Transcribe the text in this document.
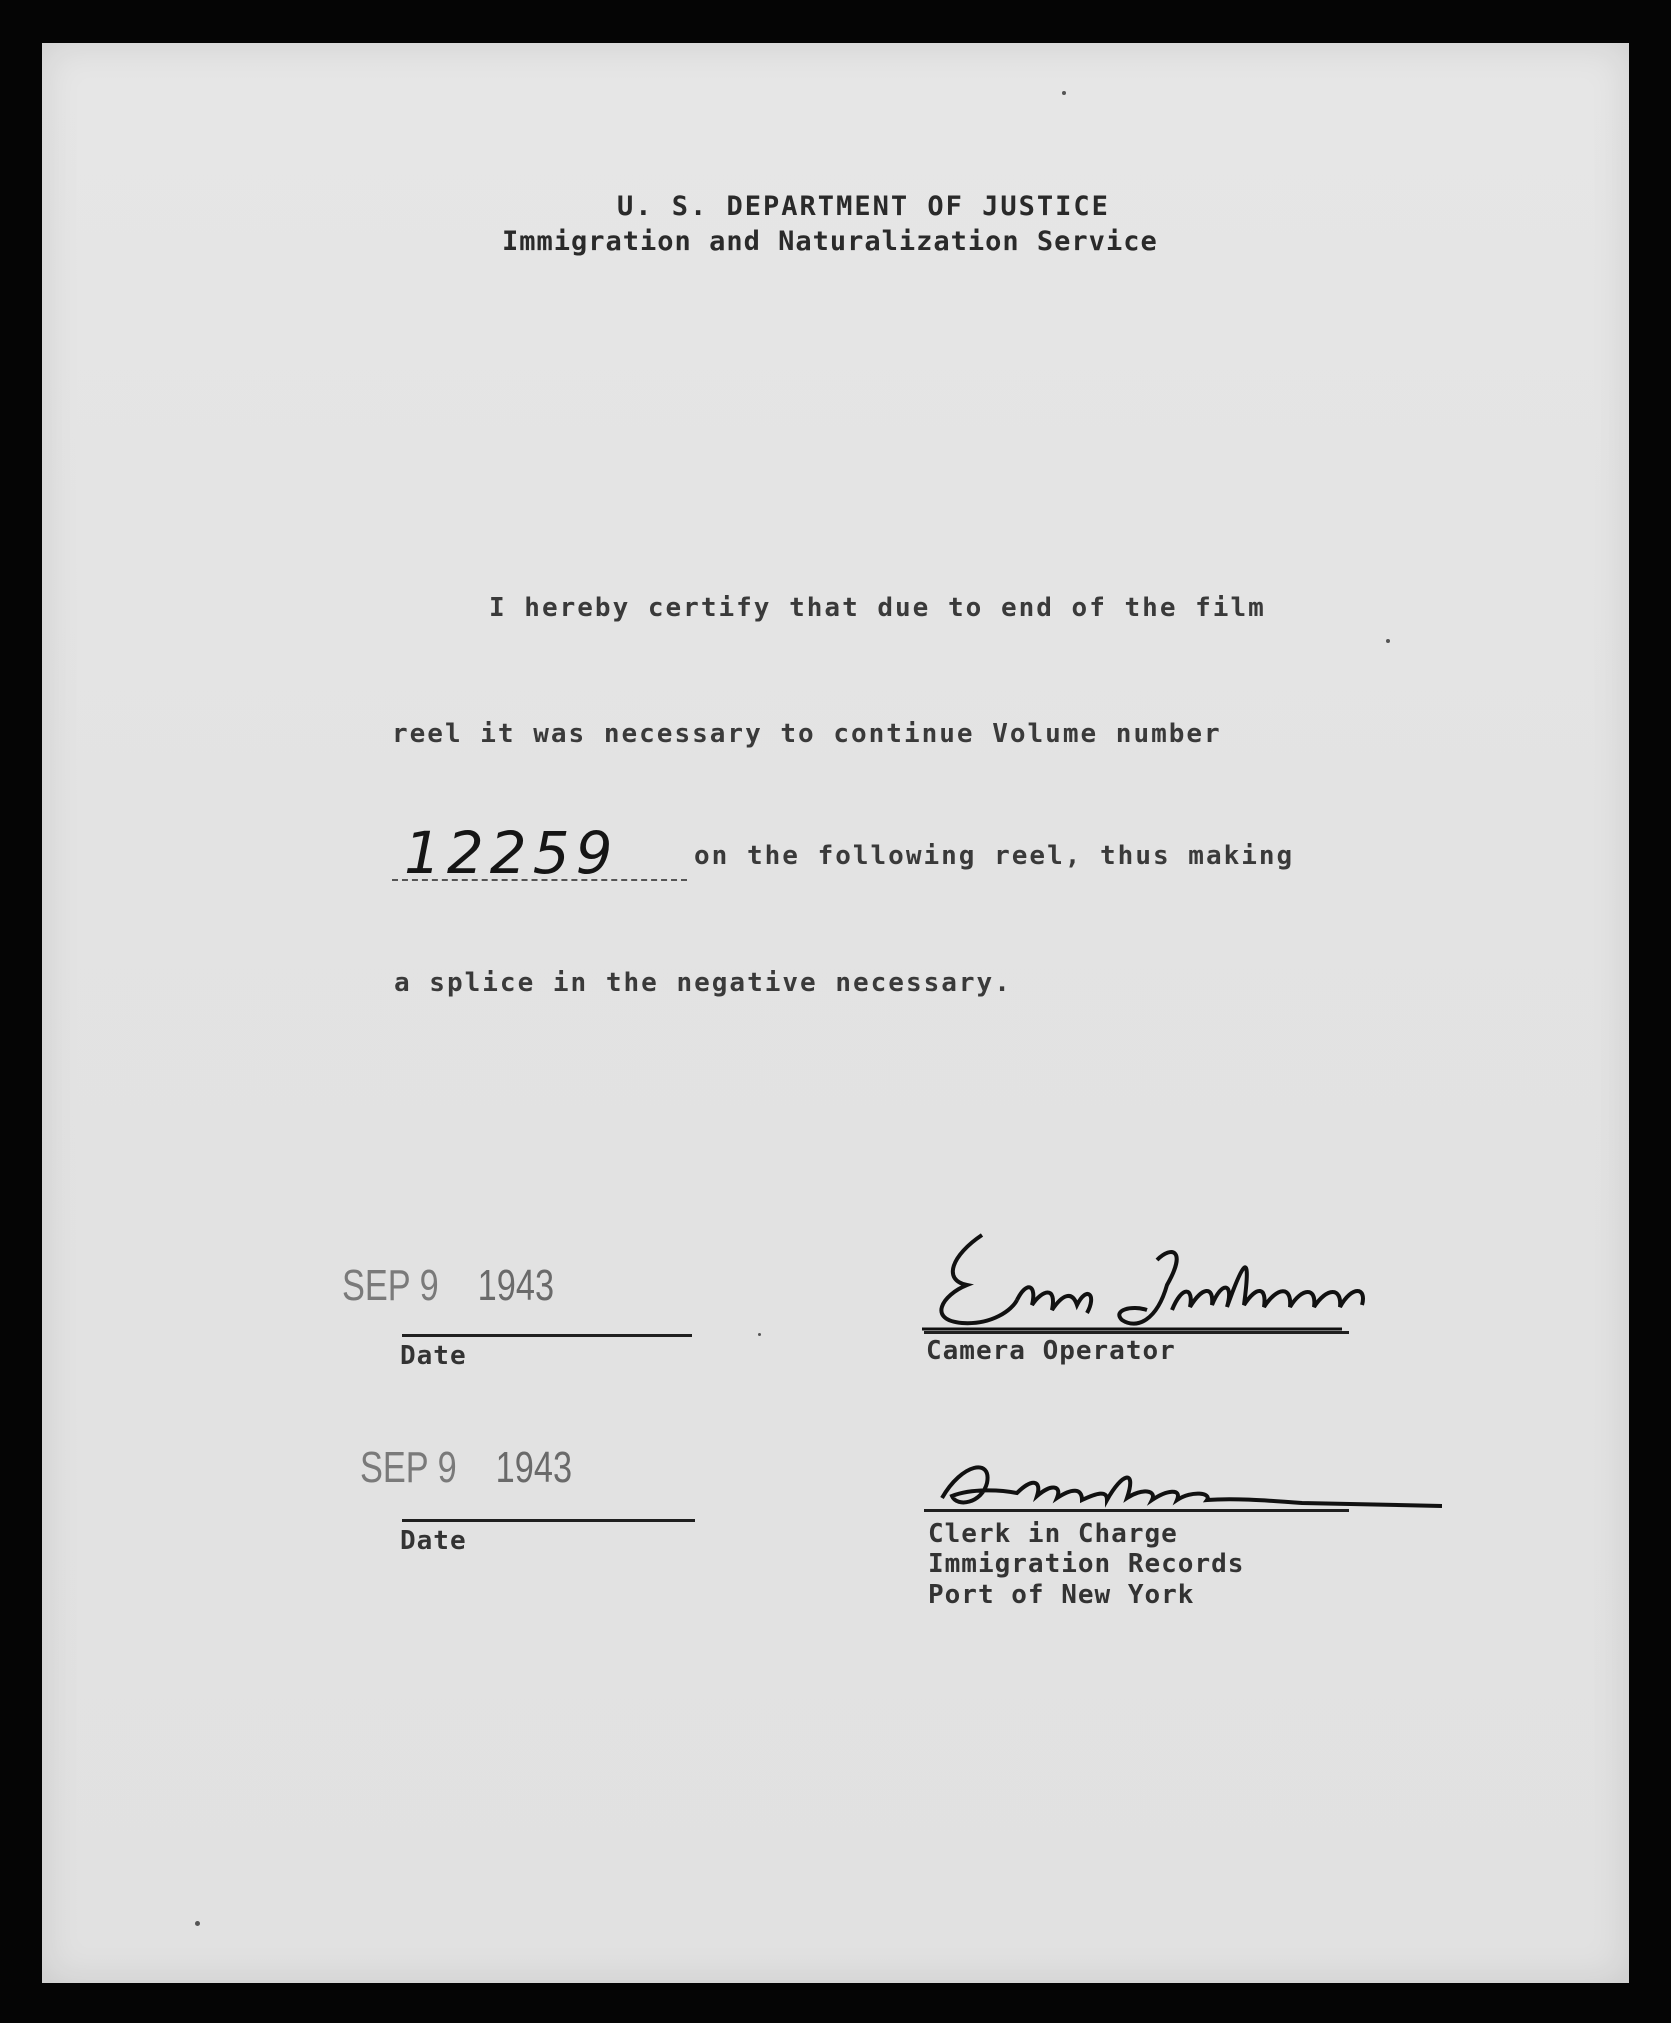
U. S. DEPARTMENT OF JUSTICE
Immigration and Naturalization Service
I hereby certify that due to end of the film
reel it was necessary to continue Volume number
12259	on the following reel, thus making
a splice in the negative necessary.
SEP 9 1943
Date	Camera Operator
SEP 9 1943
Date	Clerk in Charge
Immigration Records
Port of New York
